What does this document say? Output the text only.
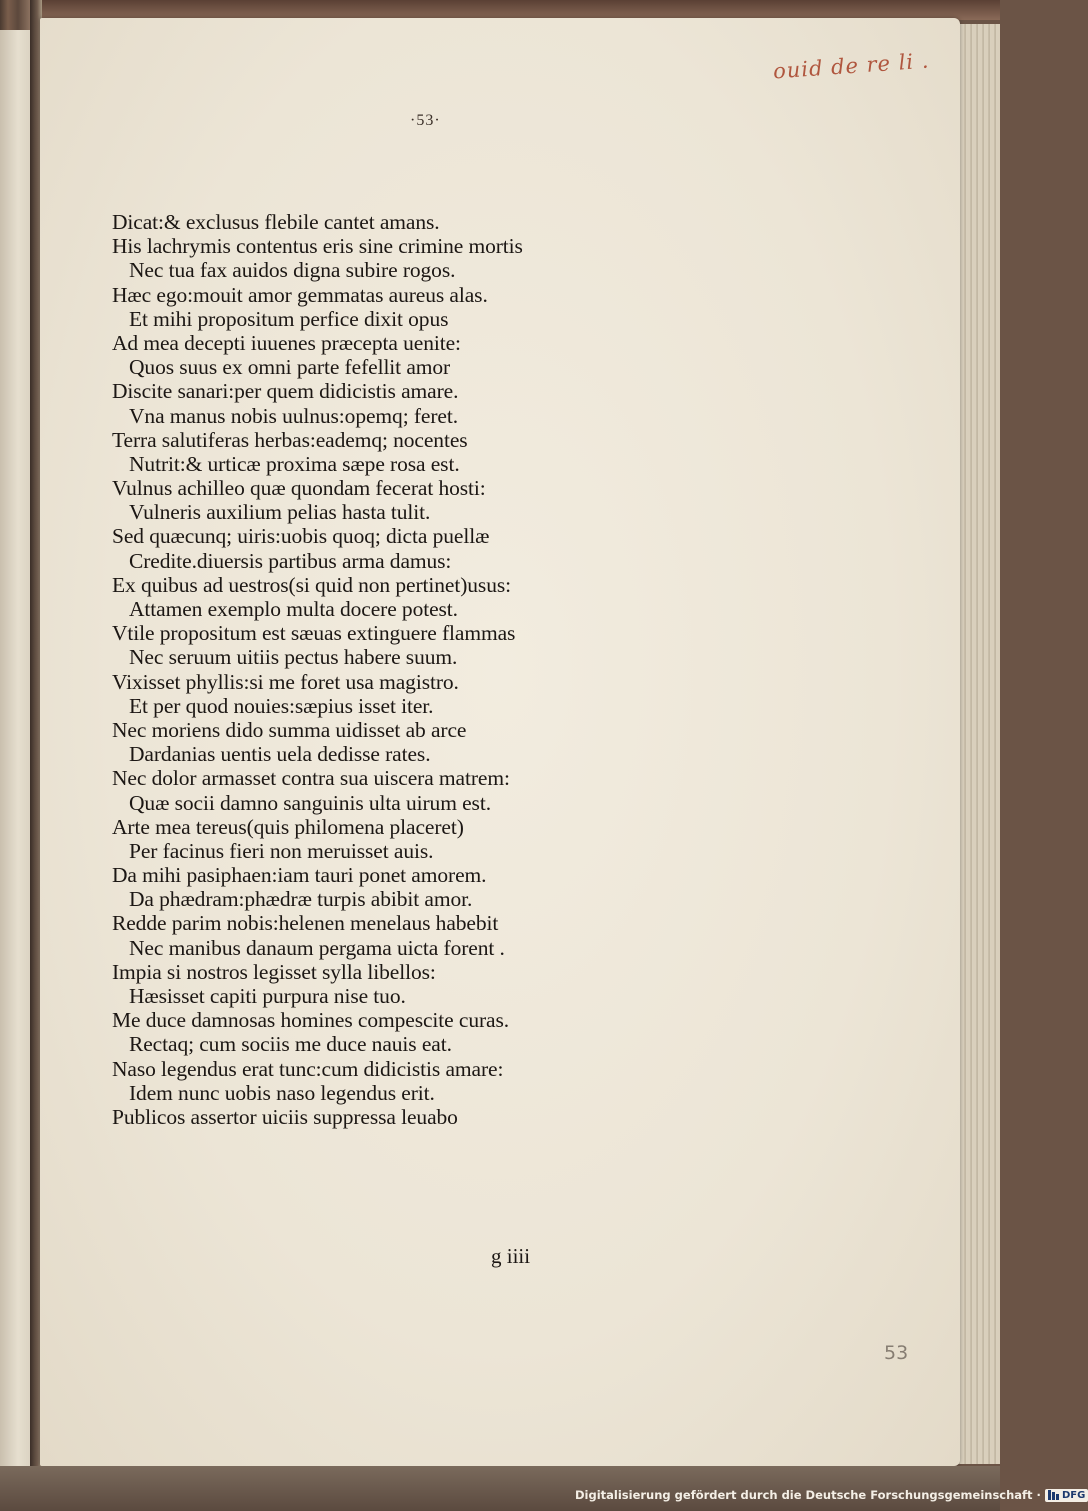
ouid de re li .
·53·
Dicat:& exclusus flebile cantet amans.
His lachrymis contentus eris sine crimine mortis
Nec tua fax auidos digna subire rogos.
Hæc ego:mouit amor gemmatas aureus alas.
Et mihi propositum perfice dixit opus
Ad mea decepti iuuenes præcepta uenite:
Quos suus ex omni parte fefellit amor
Discite sanari:per quem didicistis amare.
Vna manus nobis uulnus:opemq; feret.
Terra salutiferas herbas:eademq; nocentes
Nutrit:& urticæ proxima sæpe rosa est.
Vulnus achilleo quæ quondam fecerat hosti:
Vulneris auxilium pelias hasta tulit.
Sed quæcunq; uiris:uobis quoq; dicta puellæ
Credite.diuersis partibus arma damus:
Ex quibus ad uestros(si quid non pertinet)usus:
Attamen exemplo multa docere potest.
Vtile propositum est sæuas extinguere flammas
Nec seruum uitiis pectus habere suum.
Vixisset phyllis:si me foret usa magistro.
Et per quod nouies:sæpius isset iter.
Nec moriens dido summa uidisset ab arce
Dardanias uentis uela dedisse rates.
Nec dolor armasset contra sua uiscera matrem:
Quæ socii damno sanguinis ulta uirum est.
Arte mea tereus(quis philomena placeret)
Per facinus fieri non meruisset auis.
Da mihi pasiphaen:iam tauri ponet amorem.
Da phædram:phædræ turpis abibit amor.
Redde parim nobis:helenen menelaus habebit
Nec manibus danaum pergama uicta forent .
Impia si nostros legisset sylla libellos:
Hæsisset capiti purpura nise tuo.
Me duce damnosas homines compescite curas.
Rectaq; cum sociis me duce nauis eat.
Naso legendus erat tunc:cum didicistis amare:
Idem nunc uobis naso legendus erit.
Publicos assertor uiciis suppressa leuabo
g iiii
53
Digitalisierung gefördert durch die Deutsche Forschungsgemeinschaft · DFG
